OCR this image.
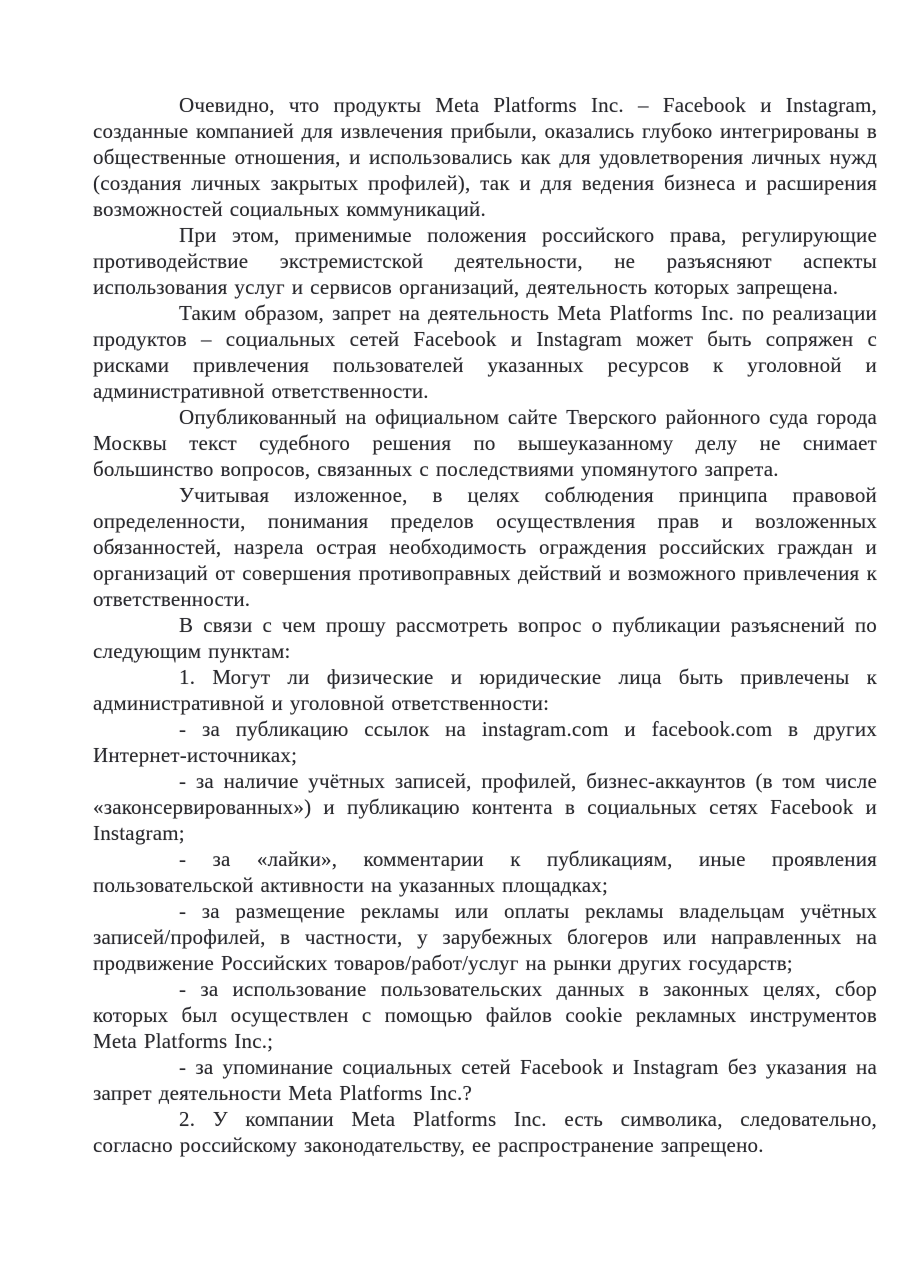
Очевидно, что продукты Meta Platforms Inc. – Facebook и Instagram, созданные компанией для извлечения прибыли, оказались глубоко интегрированы в общественные отношения, и использовались как для удовлетворения личных нужд (создания личных закрытых профилей), так и для ведения бизнеса и расширения возможностей социальных коммуникаций.

При этом, применимые положения российского права, регулирующие противодействие экстремистской деятельности, не разъясняют аспекты использования услуг и сервисов организаций, деятельность которых запрещена.

Таким образом, запрет на деятельность Meta Platforms Inc. по реализации продуктов – социальных сетей Facebook и Instagram может быть сопряжен с рисками привлечения пользователей указанных ресурсов к уголовной и административной ответственности.

Опубликованный на официальном сайте Тверского районного суда города Москвы текст судебного решения по вышеуказанному делу не снимает большинство вопросов, связанных с последствиями упомянутого запрета.

Учитывая изложенное, в целях соблюдения принципа правовой определенности, понимания пределов осуществления прав и возложенных обязанностей, назрела острая необходимость ограждения российских граждан и организаций от совершения противоправных действий и возможного привлечения к ответственности.

В связи с чем прошу рассмотреть вопрос о публикации разъяснений по следующим пунктам:

1. Могут ли физические и юридические лица быть привлечены к административной и уголовной ответственности:

- за публикацию ссылок на instagram.com и facebook.com в других Интернет-источниках;

- за наличие учётных записей, профилей, бизнес-аккаунтов (в том числе «законсервированных») и публикацию контента в социальных сетях Facebook и Instagram;

- за «лайки», комментарии к публикациям, иные проявления пользовательской активности на указанных площадках;

- за размещение рекламы или оплаты рекламы владельцам учётных записей/профилей, в частности, у зарубежных блогеров или направленных на продвижение Российских товаров/работ/услуг на рынки других государств;

- за использование пользовательских данных в законных целях, сбор которых был осуществлен с помощью файлов cookie рекламных инструментов Meta Platforms Inc.;

- за упоминание социальных сетей Facebook и Instagram без указания на запрет деятельности Meta Platforms Inc.?

2. У компании Meta Platforms Inc. есть символика, следовательно, согласно российскому законодательству, ее распространение запрещено.
